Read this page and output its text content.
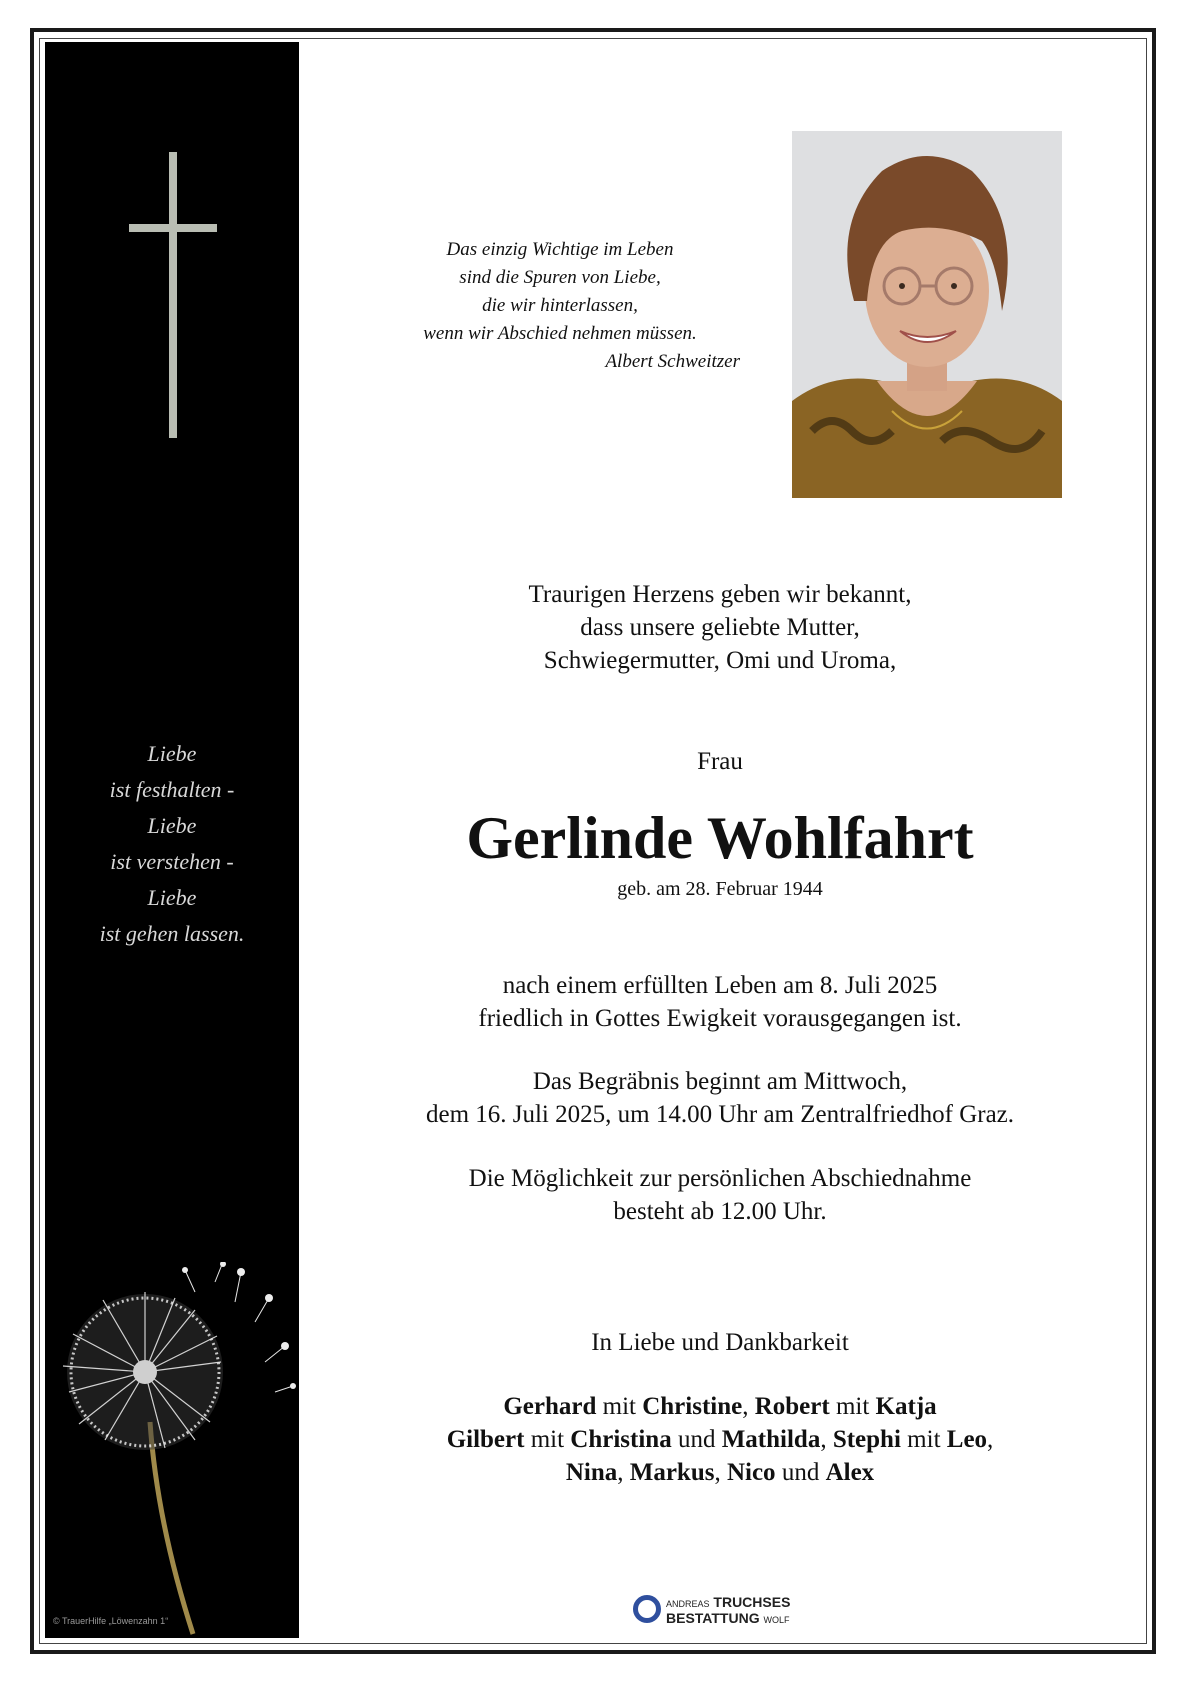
Liebe
ist festhalten -
Liebe
ist verstehen -
Liebe
ist gehen lassen.
© TrauerHilfe „Löwenzahn 1“
Das einzig Wichtige im Leben
sind die Spuren von Liebe,
die wir hinterlassen,
wenn wir Abschied nehmen müssen.
Albert Schweitzer
Traurigen Herzens geben wir bekannt,
dass unsere geliebte Mutter,
Schwiegermutter, Omi und Uroma,
Frau
Gerlinde Wohlfahrt
geb. am 28. Februar 1944
nach einem erfüllten Leben am 8. Juli 2025
friedlich in Gottes Ewigkeit vorausgegangen ist.
Das Begräbnis beginnt am Mittwoch,
dem 16. Juli 2025, um 14.00 Uhr am Zentralfriedhof Graz.
Die Möglichkeit zur persönlichen Abschiednahme
besteht ab 12.00 Uhr.
In Liebe und Dankbarkeit
Gerhard mit Christine, Robert mit Katja
Gilbert mit Christina und Mathilda, Stephi mit Leo,
Nina, Markus, Nico und Alex
ANDREAS TRUCHSES
BESTATTUNG WOLF
